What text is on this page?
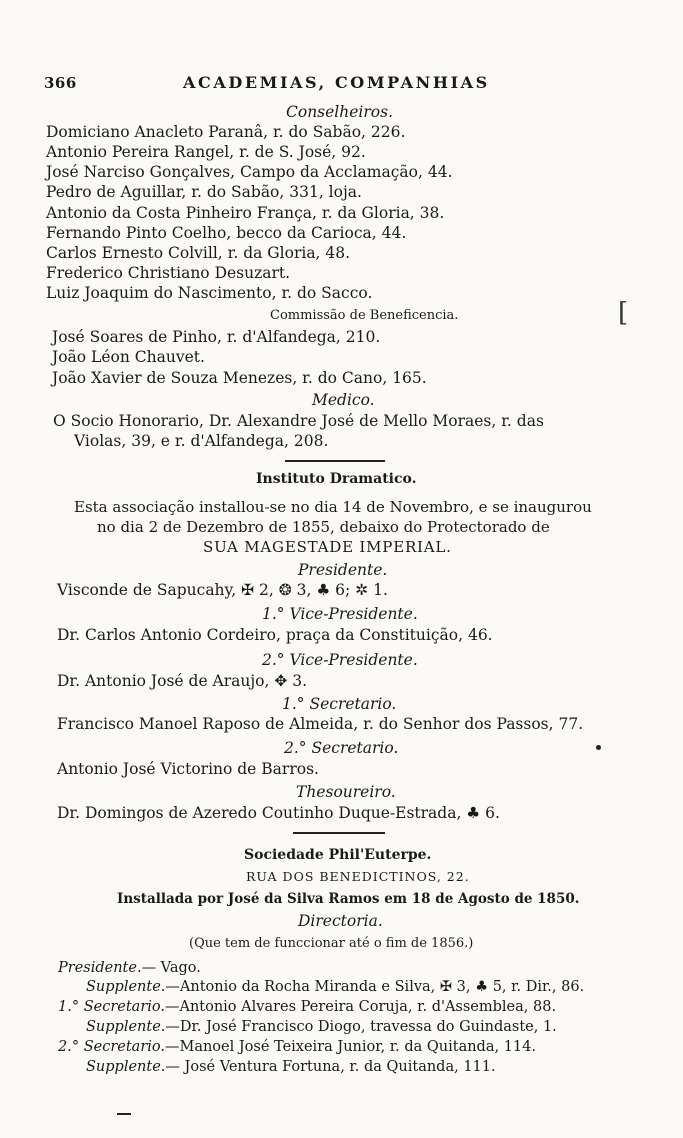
366	ACADEMIAS, COMPANHIAS
Conselheiros.
Domiciano Anacleto Paranâ, r. do Sabão, 226.
Antonio Pereira Rangel, r. de S. José, 92.
José Narciso Gonçalves, Campo da Acclamação, 44.
Pedro de Aguillar, r. do Sabão, 331, loja.
Antonio da Costa Pinheiro França, r. da Gloria, 38.
Fernando Pinto Coelho, becco da Carioca, 44.
Carlos Ernesto Colvill, r. da Gloria, 48.
Frederico Christiano Desuzart.
Luiz Joaquim do Nascimento, r. do Sacco.
Commissão de Beneficencia.
José Soares de Pinho, r. d'Alfandega, 210.
João Léon Chauvet.
João Xavier de Souza Menezes, r. do Cano, 165.
Medico.
O Socio Honorario, Dr. Alexandre José de Mello Moraes, r. das
Violas, 39, e r. d'Alfandega, 208.
Instituto Dramatico.
Esta associação installou-se no dia 14 de Novembro, e se inaugurou
no dia 2 de Dezembro de 1855, debaixo do Protectorado de
SUA MAGESTADE IMPERIAL.
Presidente.
Visconde de Sapucahy, ✠ 2, ❂ 3, ♣ 6; ✲ 1.
1.° Vice-Presidente.
Dr. Carlos Antonio Cordeiro, praça da Constituição, 46.
2.° Vice-Presidente.
Dr. Antonio José de Araujo, ✥ 3.
1.° Secretario.
Francisco Manoel Raposo de Almeida, r. do Senhor dos Passos, 77.
2.° Secretario.
Antonio José Victorino de Barros.
Thesoureiro.
Dr. Domingos de Azeredo Coutinho Duque-Estrada, ♣ 6.
Sociedade Phil'Euterpe.
RUA DOS BENEDICTINOS, 22.
Installada por José da Silva Ramos em 18 de Agosto de 1850.
Directoria.
(Que tem de funccionar até o fim de 1856.)
Presidente.— Vago.
Supplente.—Antonio da Rocha Miranda e Silva, ✠ 3, ♣ 5, r. Dir., 86.
1.° Secretario.—Antonio Alvares Pereira Coruja, r. d'Assemblea, 88.
Supplente.—Dr. José Francisco Diogo, travessa do Guindaste, 1.
2.° Secretario.—Manoel José Teixeira Junior, r. da Quitanda, 114.
Supplente.— José Ventura Fortuna, r. da Quitanda, 111.
[
